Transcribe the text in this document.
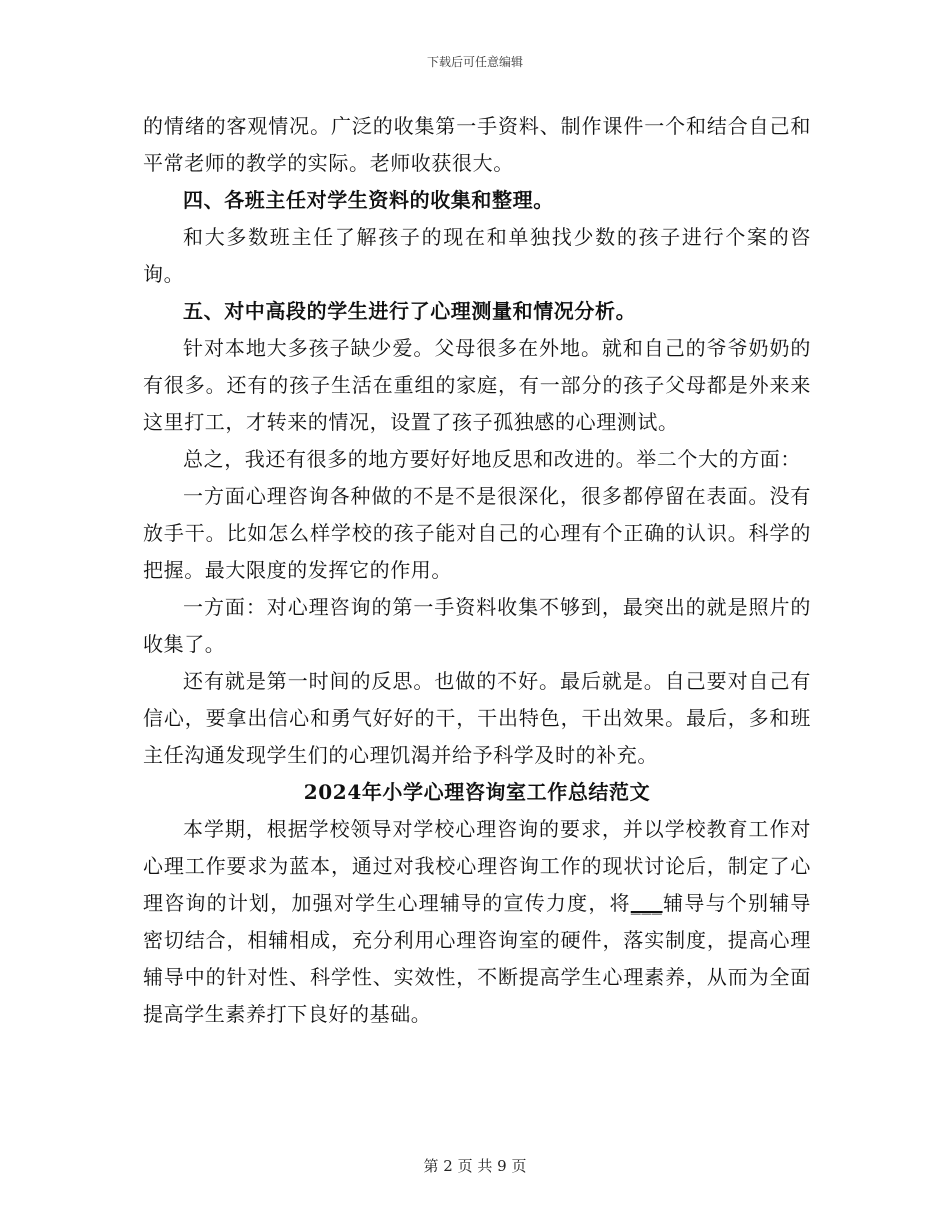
下载后可任意编辑

的情绪的客观情况。广泛的收集第一手资料、制作课件一个和结合自己和平常老师的教学的实际。老师收获很大。

四、各班主任对学生资料的收集和整理。

和大多数班主任了解孩子的现在和单独找少数的孩子进行个案的咨询。

五、对中高段的学生进行了心理测量和情况分析。

针对本地大多孩子缺少爱。父母很多在外地。就和自己的爷爷奶奶的有很多。还有的孩子生活在重组的家庭，有一部分的孩子父母都是外来来这里打工，才转来的情况，设置了孩子孤独感的心理测试。

总之，我还有很多的地方要好好地反思和改进的。举二个大的方面：

一方面心理咨询各种做的不是不是很深化，很多都停留在表面。没有放手干。比如怎么样学校的孩子能对自己的心理有个正确的认识。科学的把握。最大限度的发挥它的作用。

一方面：对心理咨询的第一手资料收集不够到，最突出的就是照片的收集了。

还有就是第一时间的反思。也做的不好。最后就是。自己要对自己有信心，要拿出信心和勇气好好的干，干出特色，干出效果。最后，多和班主任沟通发现学生们的心理饥渴并给予科学及时的补充。

2024年小学心理咨询室工作总结范文

本学期，根据学校领导对学校心理咨询的要求，并以学校教育工作对心理工作要求为蓝本，通过对我校心理咨询工作的现状讨论后，制定了心理咨询的计划，加强对学生心理辅导的宣传力度，将___辅导与个别辅导密切结合，相辅相成，充分利用心理咨询室的硬件，落实制度，提高心理辅导中的针对性、科学性、实效性，不断提高学生心理素养，从而为全面提高学生素养打下良好的基础。

第 2 页 共 9 页
